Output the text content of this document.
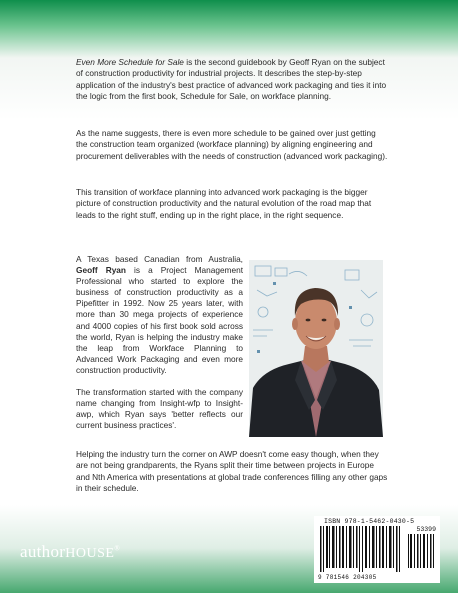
Even More Schedule for Sale is the second guidebook by Geoff Ryan on the subject of construction productivity for industrial projects. It describes the step-by-step application of the industry's best practice of advanced work packaging and ties it into the logic from the first book, Schedule for Sale, on workface planning.

As the name suggests, there is even more schedule to be gained over just getting the construction team organized (workface planning) by aligning engineering and procurement deliverables with the needs of construction (advanced work packaging).

This transition of workface planning into advanced work packaging is the bigger picture of construction productivity and the natural evolution of the road map that leads to the right stuff, ending up in the right place, in the right sequence.

A Texas based Canadian from Australia, Geoff Ryan is a Project Management Professional who started to explore the business of construction productivity as a Pipefitter in 1992. Now 25 years later, with more than 30 mega projects of experience and 4000 copies of his first book sold across the world, Ryan is helping the industry make the leap from Workface Planning to Advanced Work Packaging and even more construction productivity.

The transformation started with the company name changing from Insight-wfp to Insight-awp, which Ryan says 'better reflects our current business practices'.

Helping the industry turn the corner on AWP doesn't come easy though, when they are not being grandparents, the Ryans split their time between projects in Europe and Nth America with presentations at global trade conferences filling any other gaps in their schedule.

authorHOUSE®
ISBN 978-1-5462-0430-5
53399
9 781546 204305
